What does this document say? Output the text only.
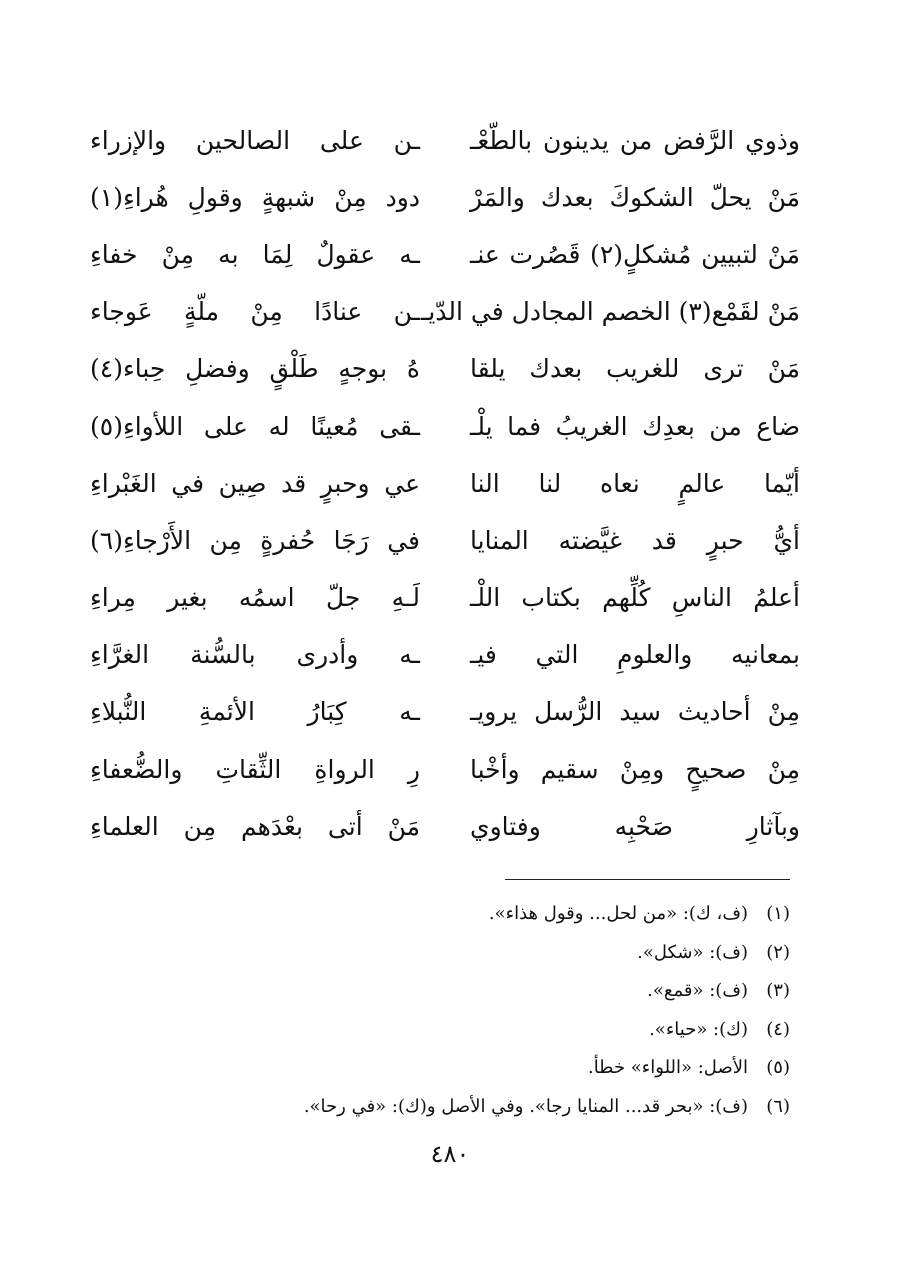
وذوي الرَّفض من يدينون بالطّعْـ
ـن على الصالحين والإزراء
مَنْ يحلّ الشكوكَ بعدك والمَرْ
دود مِنْ شبهةٍ وقولِ هُراءِ(١)
مَنْ لتبيين مُشكلٍ(٢) قَصُرت عنـ
ـه عقولٌ لِمَا به مِنْ خفاءِ
مَنْ لقَمْع(٣) الخصم المجادل في الدّيـ
ـن عنادًا مِنْ ملّةٍ عَوجاء
مَنْ ترى للغريب بعدك يلقا
هُ بوجهٍ طَلْقٍ وفضلِ حِباء(٤)
ضاع من بعدِك الغريبُ فما يلْـ
ـقى مُعينًا له على اللأواءِ(٥)
أيّما عالمٍ نعاه لنا النا
عي وحبرٍ قد صِين في الغَبْراءِ
أيُّ حبرٍ قد غيَّضته المنايا
في رَجَا حُفرةٍ مِن الأَرْجاءِ(٦)
أعلمُ الناسِ كُلِّهم بكتاب اللْـ
لَـهِ جلّ اسمُه بغير مِراءِ
بمعانيه والعلومِ التي فيـ
ـه وأدرى بالسُّنة الغرَّاءِ
مِنْ أحاديث سيد الرُّسل يرويـ
ـه كِبَارُ الأئمةِ النُّبلاءِ
مِنْ صحيحٍ ومِنْ سقيم وأخْبا
رِ الرواةِ الثِّقاتِ والضُّعفاءِ
وبآثارِ صَحْبِه وفتاوي
مَنْ أتى بعْدَهم مِن العلماءِ
(١)(ف، ك): «من لحل... وقول هذاء».
(٢)(ف): «شكل».
(٣)(ف): «قمع».
(٤)(ك): «حياء».
(٥)الأصل: «اللواء» خطأ.
(٦)(ف): «بحر قد... المنايا رجا». وفي الأصل و(ك): «في رحا».
٤٨٠
